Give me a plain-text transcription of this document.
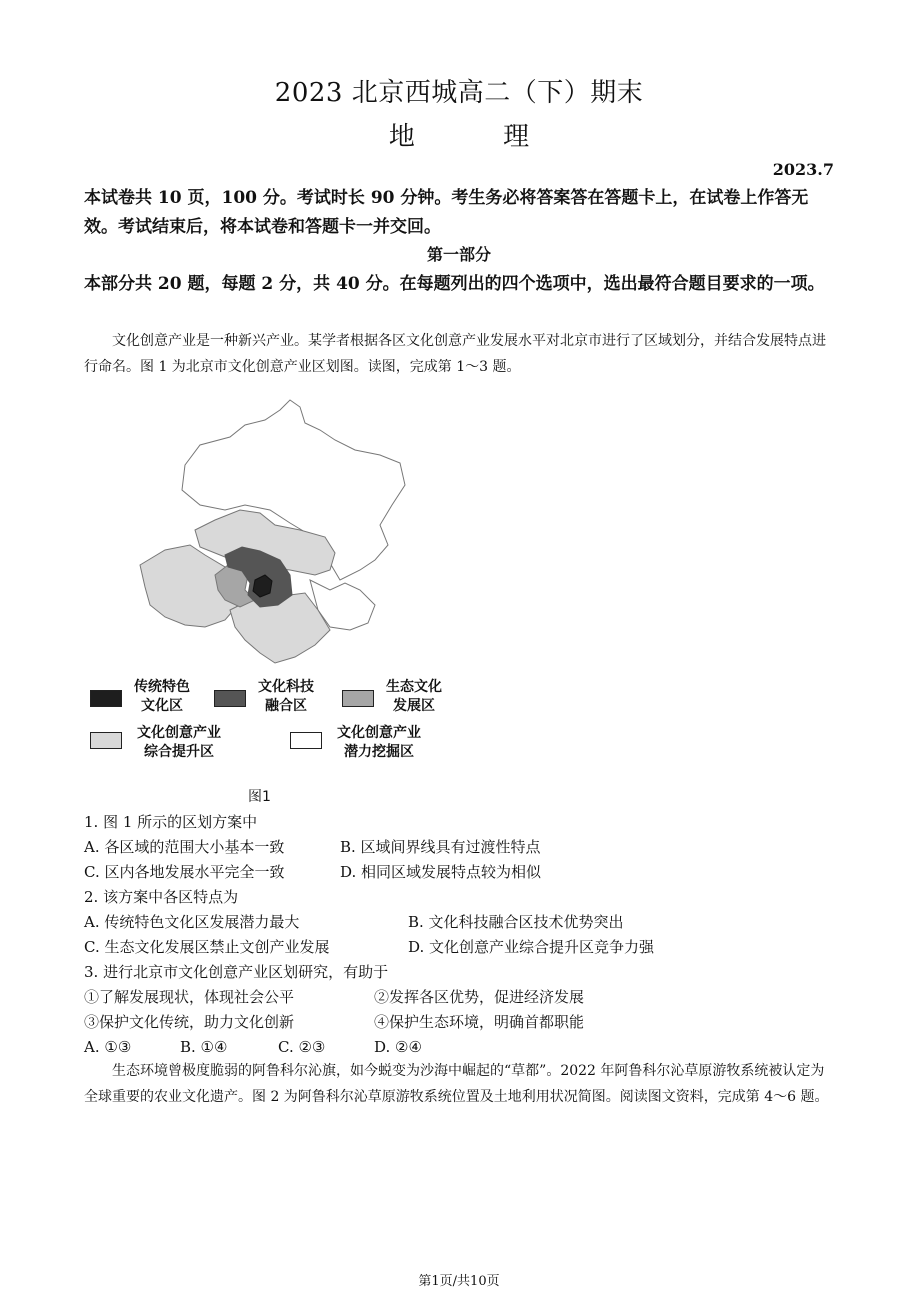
2023 北京西城高二（下）期末
地 理
2023.7
本试卷共 10 页，100 分。考试时长 90 分钟。考生务必将答案答在答题卡上，在试卷上作答无效。考试结束后，将本试卷和答题卡一并交回。
第一部分
本部分共 20 题，每题 2 分，共 40 分。在每题列出的四个选项中，选出最符合题目要求的一项。
文化创意产业是一种新兴产业。某学者根据各区文化创意产业发展水平对北京市进行了区域划分，并结合发展特点进行命名。图 1 为北京市文化创意产业区划图。读图，完成第 1～3 题。
传统特色
文化区
文化科技
融合区
生态文化
发展区
文化创意产业
综合提升区
文化创意产业
潜力挖掘区
图1
1. 图 1 所示的区划方案中
A. 各区域的范围大小基本一致	B. 区域间界线具有过渡性特点
C. 区内各地发展水平完全一致	D. 相同区域发展特点较为相似
2. 该方案中各区特点为
A. 传统特色文化区发展潜力最大	B. 文化科技融合区技术优势突出
C. 生态文化发展区禁止文创产业发展	D. 文化创意产业综合提升区竞争力强
3. 进行北京市文化创意产业区划研究，有助于
①了解发展现状，体现社会公平	②发挥各区优势，促进经济发展
③保护文化传统，助力文化创新	④保护生态环境，明确首都职能
A. ①③	B. ①④	C. ②③	D. ②④
生态环境曾极度脆弱的阿鲁科尔沁旗，如今蜕变为沙海中崛起的“草都”。2022 年阿鲁科尔沁草原游牧系统被认定为全球重要的农业文化遗产。图 2 为阿鲁科尔沁草原游牧系统位置及土地利用状况简图。阅读图文资料，完成第 4～6 题。
第1页/共10页
